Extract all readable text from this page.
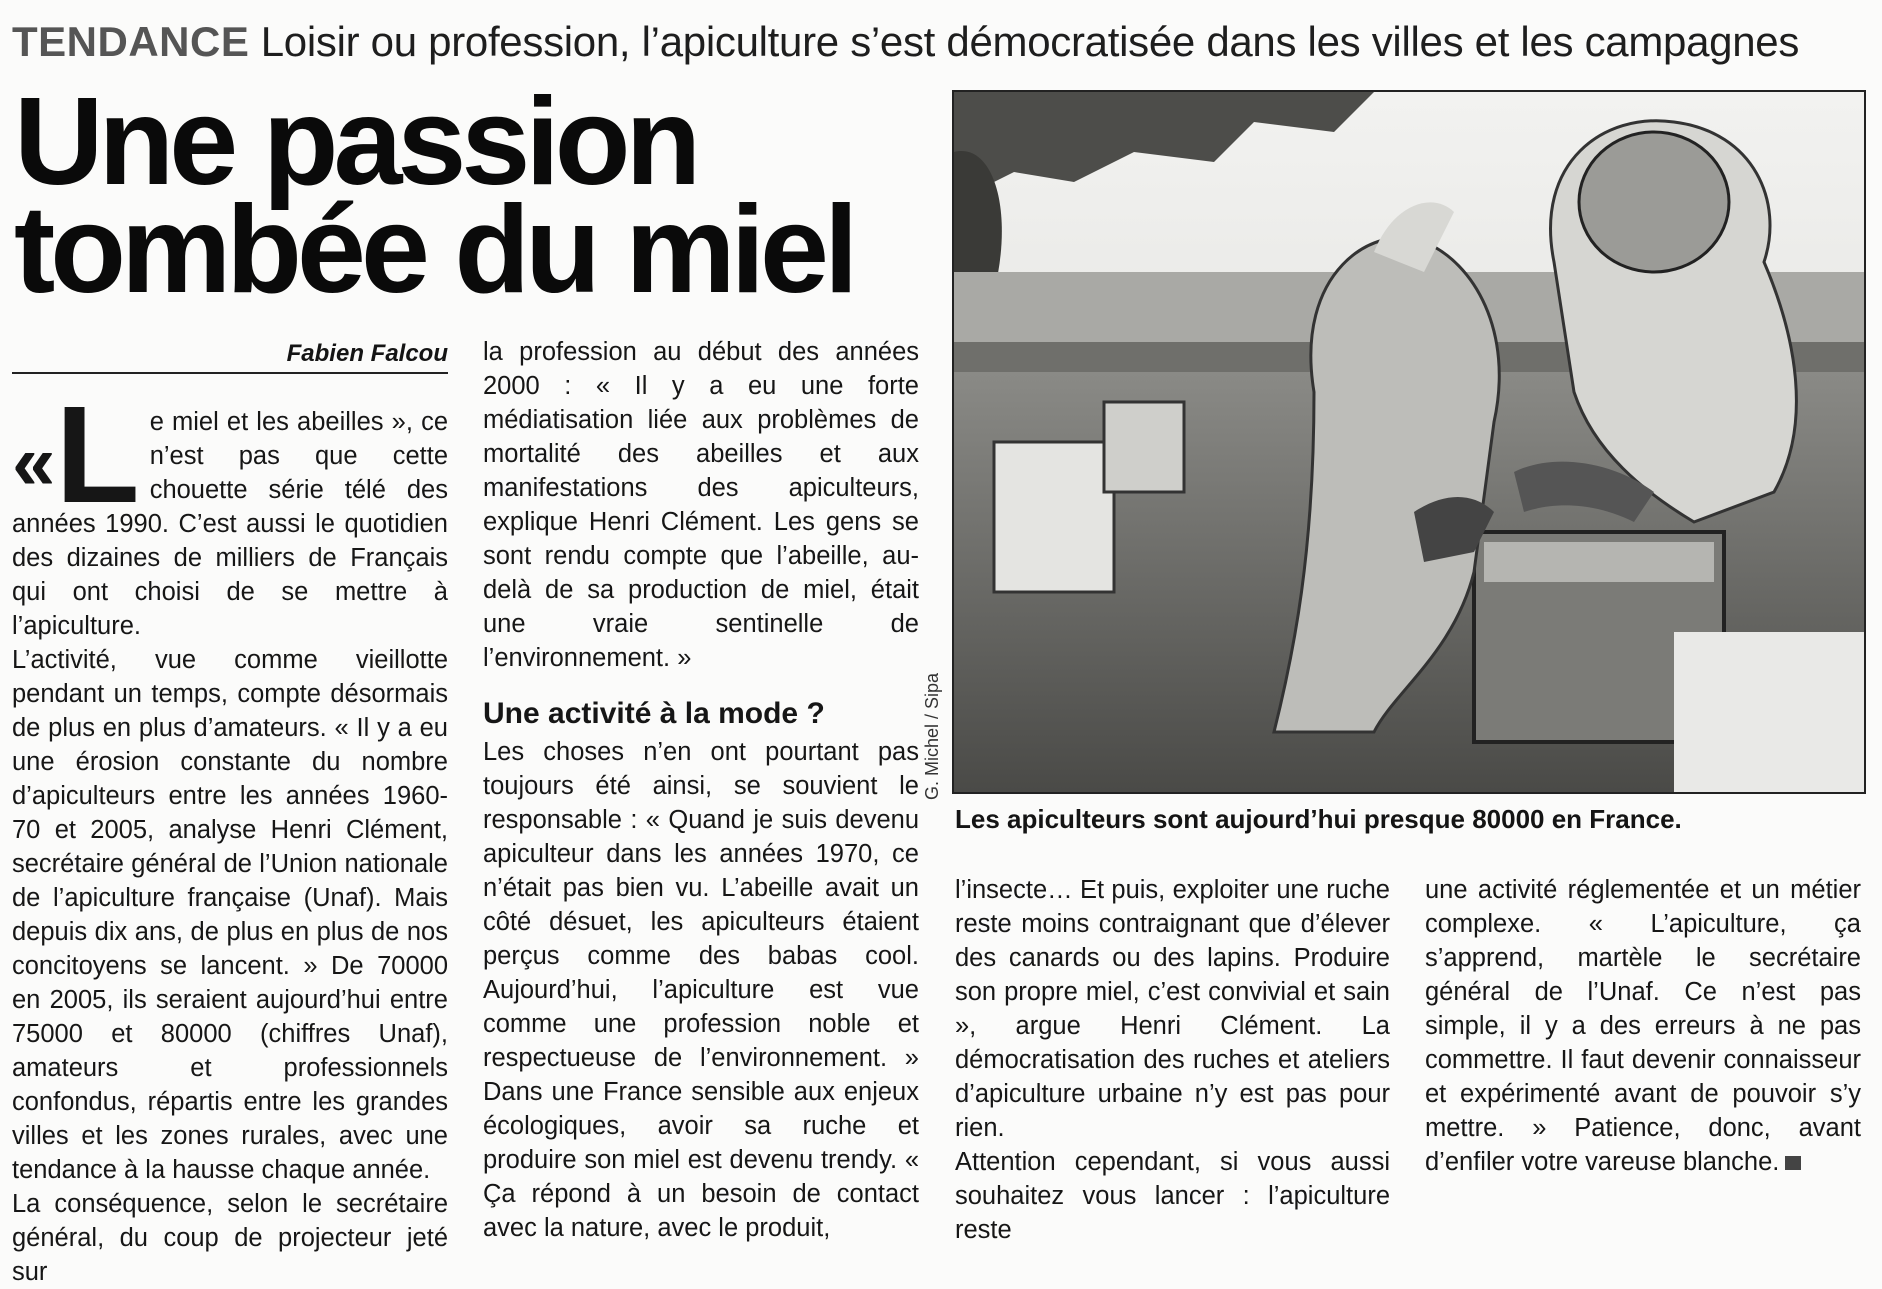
TENDANCE Loisir ou profession, l’apiculture s’est démocratisée dans les villes et les campagnes
Une passion
tombée du miel
Fabien Falcou
« L e miel et les abeilles », ce n’est pas que cette chouette série télé des années 1990. C’est aussi le quotidien des dizaines de milliers de Français qui ont choisi de se mettre à l’apiculture.

L’activité, vue comme vieillotte pendant un temps, compte désormais de plus en plus d’amateurs. « Il y a eu une érosion constante du nombre d’apiculteurs entre les années 1960-70 et 2005, analyse Henri Clément, secrétaire général de l’Union nationale de l’apiculture française (Unaf). Mais depuis dix ans, de plus en plus de nos concitoyens se lancent. » De 70000 en 2005, ils seraient aujourd’hui entre 75000 et 80000 (chiffres Unaf), amateurs et professionnels confondus, répartis entre les grandes villes et les zones rurales, avec une tendance à la hausse chaque année.

La conséquence, selon le secrétaire général, du coup de projecteur jeté sur

la profession au début des années 2000 : « Il y a eu une forte médiatisation liée aux problèmes de mortalité des abeilles et aux manifestations des apiculteurs, explique Henri Clément. Les gens se sont rendu compte que l’abeille, au-delà de sa production de miel, était une vraie sentinelle de l’environnement. »

Une activité à la mode ?

Les choses n’en ont pourtant pas toujours été ainsi, se souvient le responsable : « Quand je suis devenu apiculteur dans les années 1970, ce n’était pas bien vu. L’abeille avait un côté désuet, les apiculteurs étaient perçus comme des babas cool. Aujourd’hui, l’apiculture est vue comme une profession noble et respectueuse de l’environnement. » Dans une France sensible aux enjeux écologiques, avoir sa ruche et produire son miel est devenu trendy. « Ça répond à un besoin de contact avec la nature, avec le produit,

G. Michel / Sipa
Les apiculteurs sont aujourd’hui presque 80000 en France.

l’insecte… Et puis, exploiter une ruche reste moins contraignant que d’élever des canards ou des lapins. Produire son propre miel, c’est convivial et sain », argue Henri Clément. La démocratisation des ruches et ateliers d’apiculture urbaine n’y est pas pour rien.

Attention cependant, si vous aussi souhaitez vous lancer : l’apiculture reste

une activité réglementée et un métier complexe. « L’apiculture, ça s’apprend, martèle le secrétaire général de l’Unaf. Ce n’est pas simple, il y a des erreurs à ne pas commettre. Il faut devenir connaisseur et expérimenté avant de pouvoir s’y mettre. » Patience, donc, avant d’enfiler votre vareuse blanche.
